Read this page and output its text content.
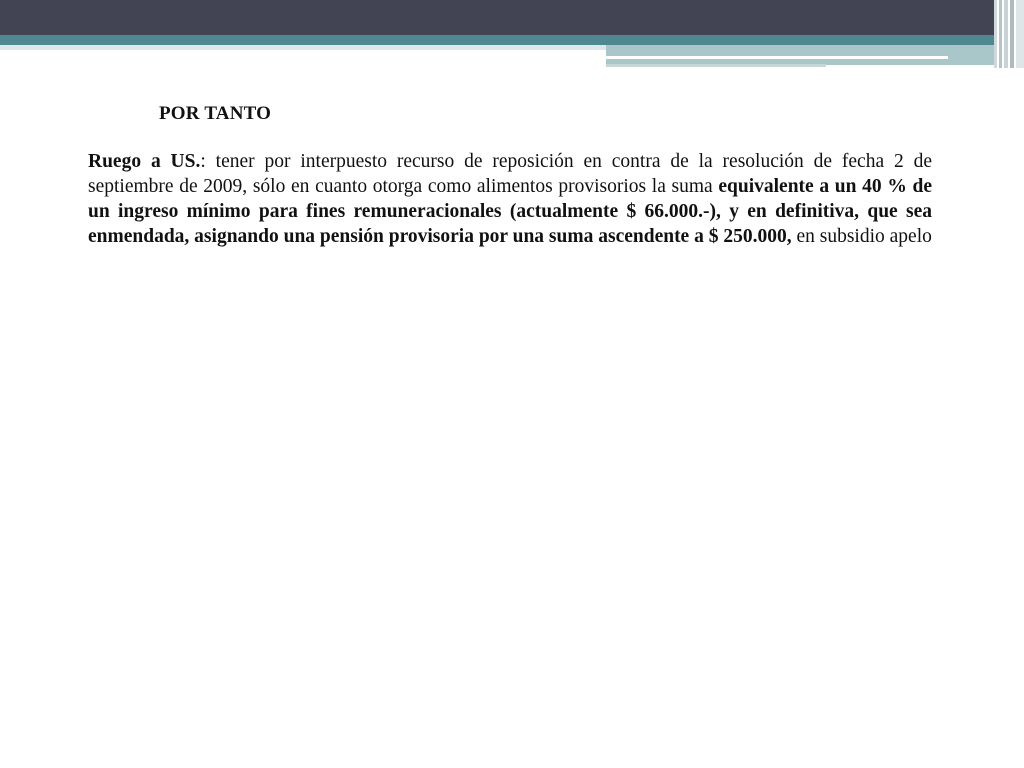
POR TANTO

Ruego a US.: tener por interpuesto recurso de reposición en contra de la resolución de fecha 2 de septiembre de 2009, sólo en cuanto otorga como alimentos provisorios la suma equivalente a un 40 % de un ingreso mínimo para fines remuneracionales (actualmente $ 66.000.-), y en definitiva, que sea enmendada, asignando una pensión provisoria por una suma ascendente a $ 250.000, en subsidio apelo
